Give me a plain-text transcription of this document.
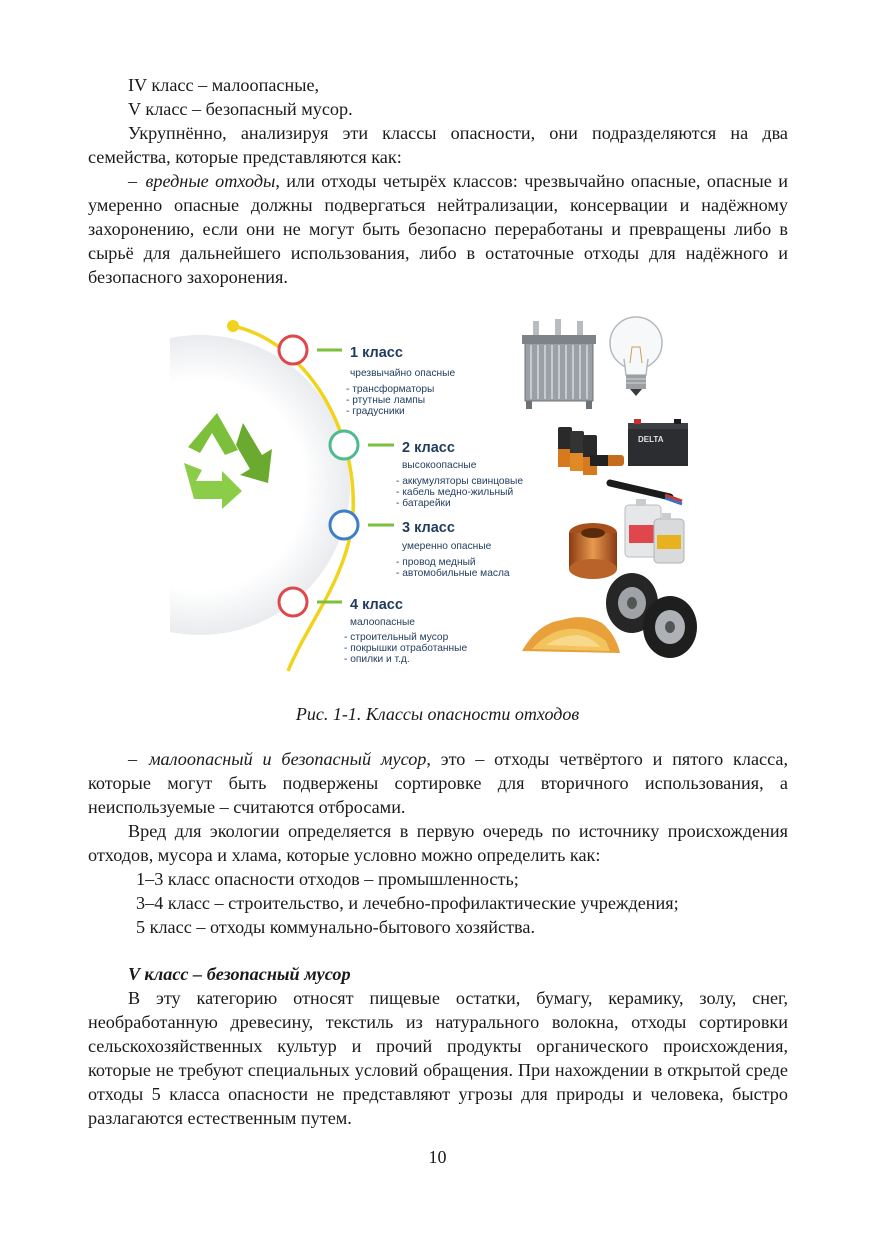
IV класс – малоопасные,

V класс – безопасный мусор.

Укрупнённо, анализируя эти классы опасности, они подразделяются на два семейства, которые представляются как:

– вредные отходы, или отходы четырёх классов: чрезвычайно опасные, опасные и умеренно опасные должны подвергаться нейтрализации, консервации и надёжному захоронению, если они не могут быть безопасно переработаны и превращены либо в сырьё для дальнейшего использования, либо в остаточные отходы для надёжного и безопасного захоронения.

1 класс
чрезвычайно опасные
- трансформаторы
- ртутные лампы
- градусники
2 класс
высокоопасные
- аккумуляторы свинцовые
- кабель медно-жильный
- батарейки
3 класс
умеренно опасные
- провод медный
- автомобильные масла
4 класс
малоопасные
- строительный мусор
- покрышки отработанные
- опилки и т.д.
DELTA
Рис. 1-1. Классы опасности отходов

– малоопасный и безопасный мусор, это – отходы четвёртого и пятого класса, которые могут быть подвержены сортировке для вторичного использования, а неиспользуемые – считаются отбросами.

Вред для экологии определяется в первую очередь по источнику происхождения отходов, мусора и хлама, которые условно можно определить как:

1–3 класс опасности отходов – промышленность;

3–4 класс – строительство, и лечебно-профилактические учреждения;

5 класс – отходы коммунально-бытового хозяйства.

V класс – безопасный мусор

В эту категорию относят пищевые остатки, бумагу, керамику, золу, снег, необработанную древесину, текстиль из натурального волокна, отходы сортировки сельскохозяйственных культур и прочий продукты органического происхождения, которые не требуют специальных условий обращения. При нахождении в открытой среде отходы 5 класса опасности не представляют угрозы для природы и человека, быстро разлагаются естественным путем.

10
